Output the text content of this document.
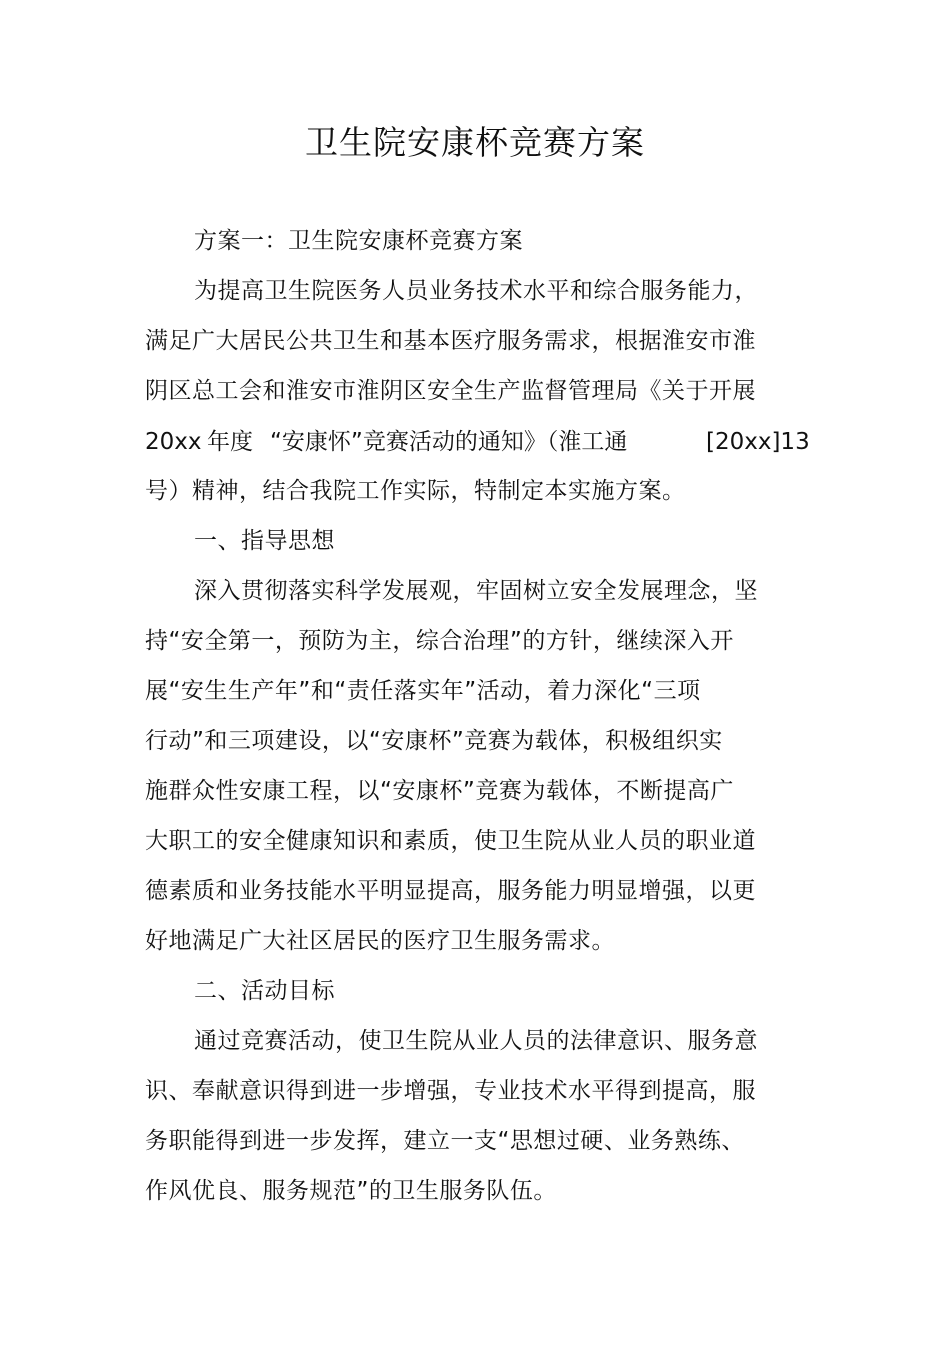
卫生院安康杯竞赛方案
方案一：卫生院安康杯竞赛方案
为提高卫生院医务人员业务技术水平和综合服务能力，
满足广大居民公共卫生和基本医疗服务需求，根据淮安市淮
阴区总工会和淮安市淮阴区安全生产监督管理局《关于开展
20xx 年度 “安康怀”竞赛活动的通知》（淮工通	[20xx]13
号）精神，结合我院工作实际，特制定本实施方案。
一、指导思想
深入贯彻落实科学发展观，牢固树立安全发展理念，坚
持“安全第一，预防为主，综合治理”的方针，继续深入开
展“安生生产年”和“责任落实年”活动，着力深化“三项
行动”和三项建设，以“安康杯”竞赛为载体，积极组织实
施群众性安康工程，以“安康杯”竞赛为载体，不断提高广
大职工的安全健康知识和素质，使卫生院从业人员的职业道
德素质和业务技能水平明显提高，服务能力明显增强，以更
好地满足广大社区居民的医疗卫生服务需求。
二、活动目标
通过竞赛活动，使卫生院从业人员的法律意识、服务意
识、奉献意识得到进一步增强，专业技术水平得到提高，服
务职能得到进一步发挥，建立一支“思想过硬、业务熟练、
作风优良、服务规范”的卫生服务队伍。
